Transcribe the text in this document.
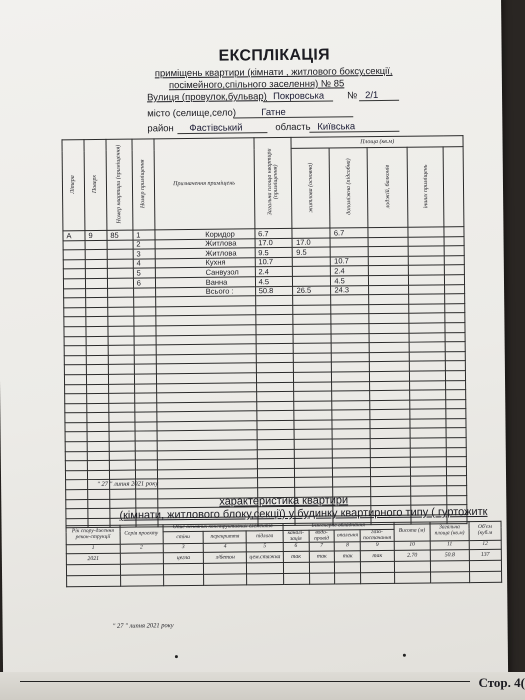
ЕКСПЛІКАЦІЯ
приміщень квартири (кімнати , житлового боксу,секції,
посімейного,спільного заселення) № 85
Вулиця (провулок,бульвар) Покровська № 2/1
місто (селище,село)	Гатне
район Фастівський	область Київська
Літера	Поверх	Номер квартири (приміщення)	Номер приміщення	Призначення приміщень	Загальна площа квартири (приміщення)	Площа (кв.м)				
						житлова (основна)	допоміжна (підсобна)	лоджій, балконів	інших приміщень	
А	9	85	1	Коридор	6.7		6.7			
			2	Житлова	17.0	17.0				
			3	Житлова	9.5	9.5				
			4	Кухня	10.7		10.7			
			5	Санвузол	2.4		2.4			
			6	Ванна	4.5		4.5			
				Всього :	50.8	26.5	24.3			

" 27 " липня 2021 року
характеристика квартири
(кімнати, житлового блоку,секції) у будинку квартирного типу ( гуртожитк
Рік спору-дження рекон-струкції	Серія проекту	Опис основних конструктивних елементів			Інженерне обладнання				Висота (м)	Загальна площа (кв.м)	Об'єм (куб.м
		стіни	перекриття	підлога	каналі-зація	водо-провід	опалення	газо-постачання			
1	2	3	4	5	6	7	8	9	10	11	12
2021		цегла	з/бетон	цем.стяжка	так	так	так	так	2.70	50.8	137

" 27 " липня 2021 року
Стор. 4(
